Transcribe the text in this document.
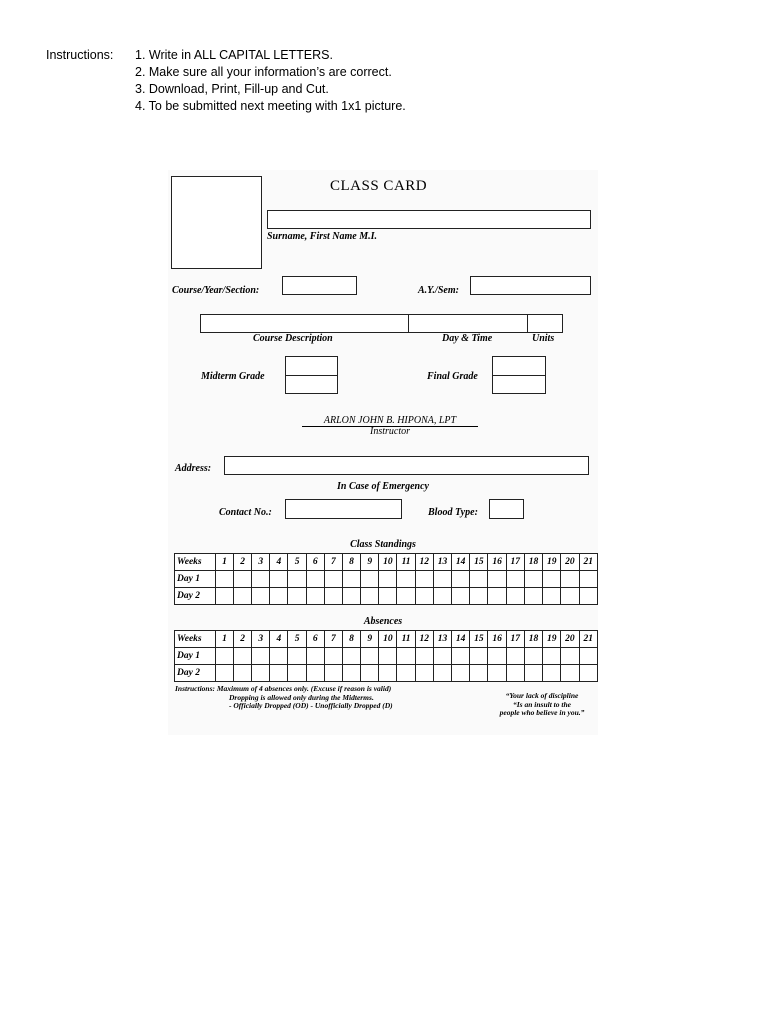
Instructions: 1. Write in ALL CAPITAL LETTERS.
2. Make sure all your information’s are correct.
3. Download, Print, Fill-up and Cut.
4. To be submitted next meeting with 1x1 picture.
CLASS CARD
Surname, First Name M.I.
Course/Year/Section:	A.Y./Sem:
Course Description	Day & Time	Units
Midterm Grade	Final Grade
ARLON JOHN B. HIPONA, LPT
Instructor
Address:
In Case of Emergency
Contact No.:	Blood Type:
Class Standings
Weeks	1	2	3	4	5	6	7	8	9	10	11	12	13	14	15	16	17	18	19	20	21
Day 1																					
Day 2																					
Absences
Weeks	1	2	3	4	5	6	7	8	9	10	11	12	13	14	15	16	17	18	19	20	21
Day 1																					
Day 2																					
Instructions: Maximum of 4 absences only. (Excuse if reason is valid)
Dropping is allowed only during the Midterms.
- Officially Dropped (OD) - Unofficially Dropped (D)
“Your lack of discipline
“Is an insult to the
people who believe in you.”
